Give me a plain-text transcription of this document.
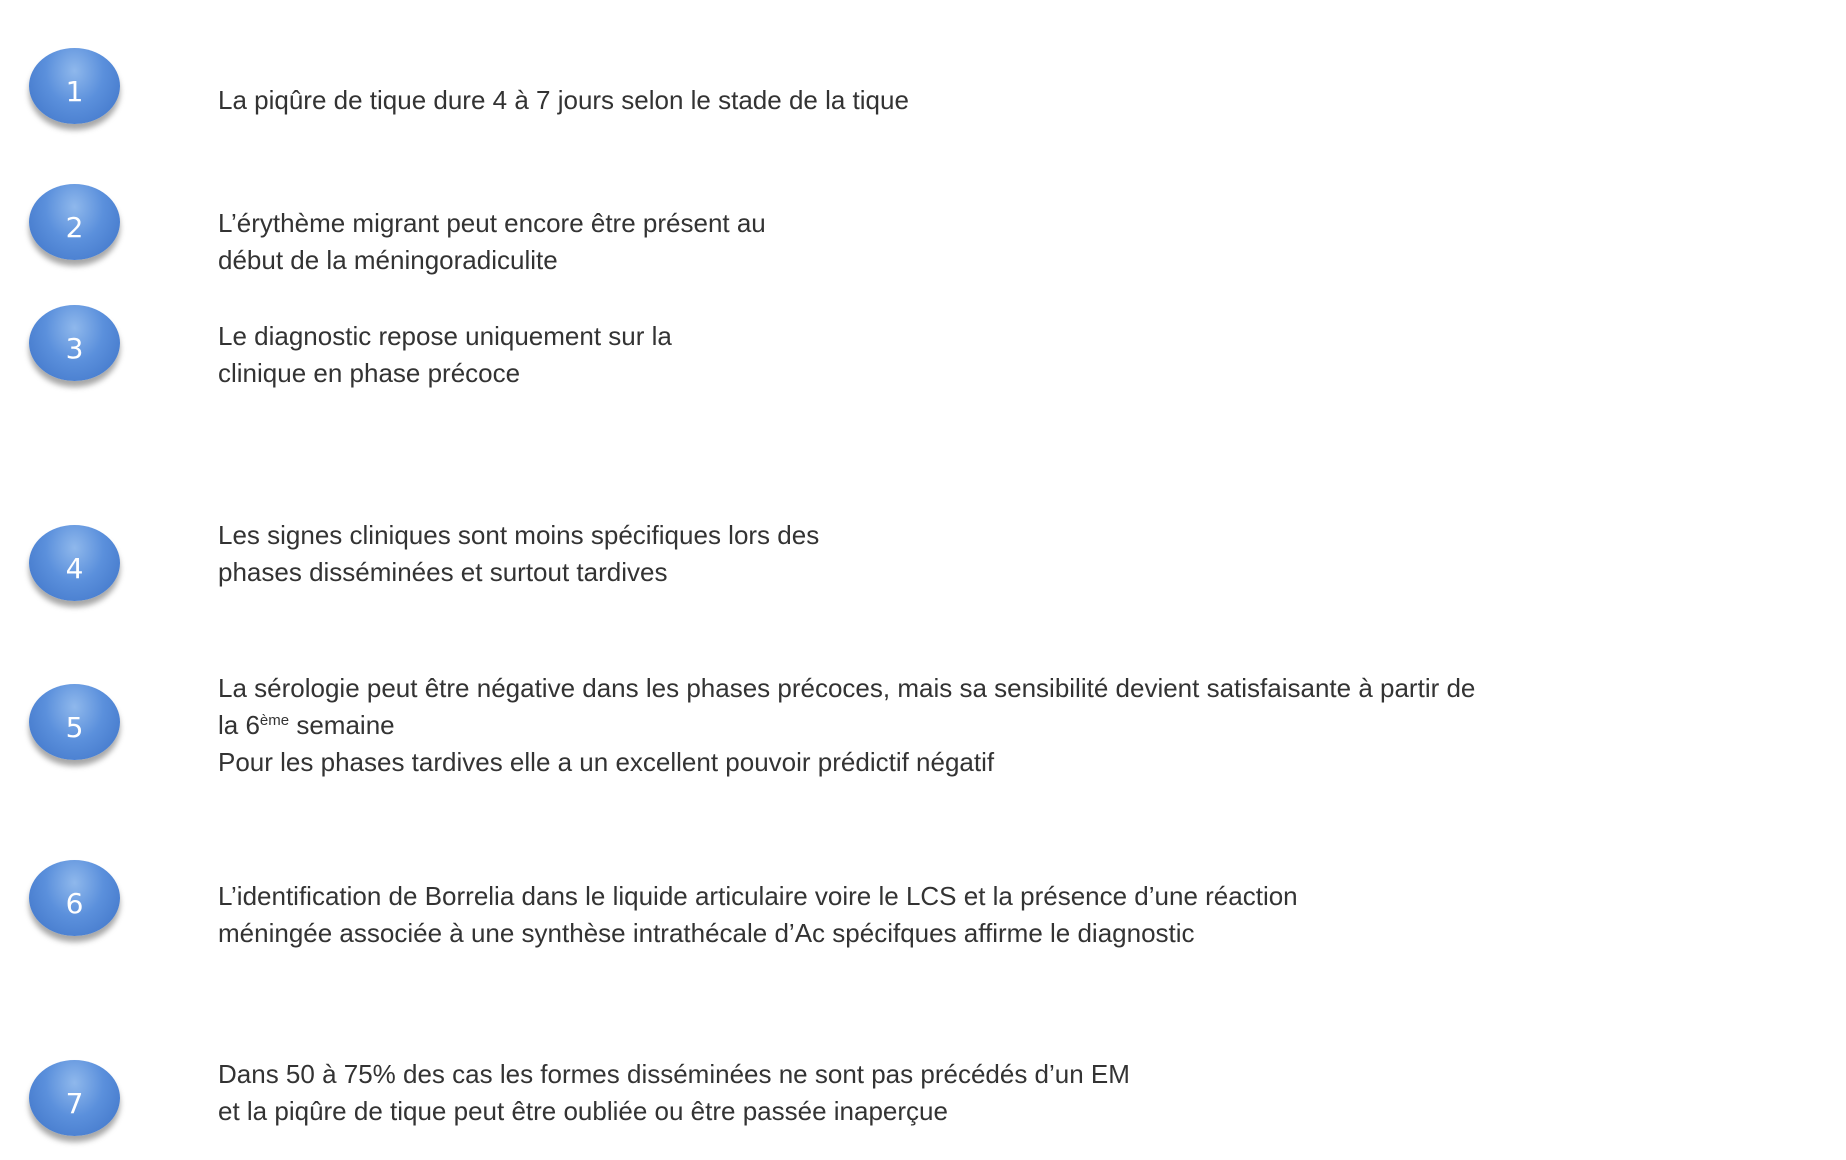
1	La piqûre de tique dure 4 à 7 jours selon le stade de la tique
2	L’érythème migrant peut encore être présent au
début de la méningoradiculite
3	Le diagnostic repose uniquement sur la
clinique en phase précoce
4
Les signes cliniques sont moins spécifiques lors des
phases disséminées et surtout tardives
5
La sérologie peut être négative dans les phases précoces, mais sa sensibilité devient satisfaisante à partir de
la 6ème semaine
Pour les phases tardives elle a un excellent pouvoir prédictif négatif
6	L’identification de Borrelia dans le liquide articulaire voire le LCS et la présence d’une réaction
méningée associée à une synthèse intrathécale d’Ac spécifques affirme le diagnostic
7
Dans 50 à 75% des cas les formes disséminées ne sont pas précédés d’un EM
et la piqûre de tique peut être oubliée ou être passée inaperçue
